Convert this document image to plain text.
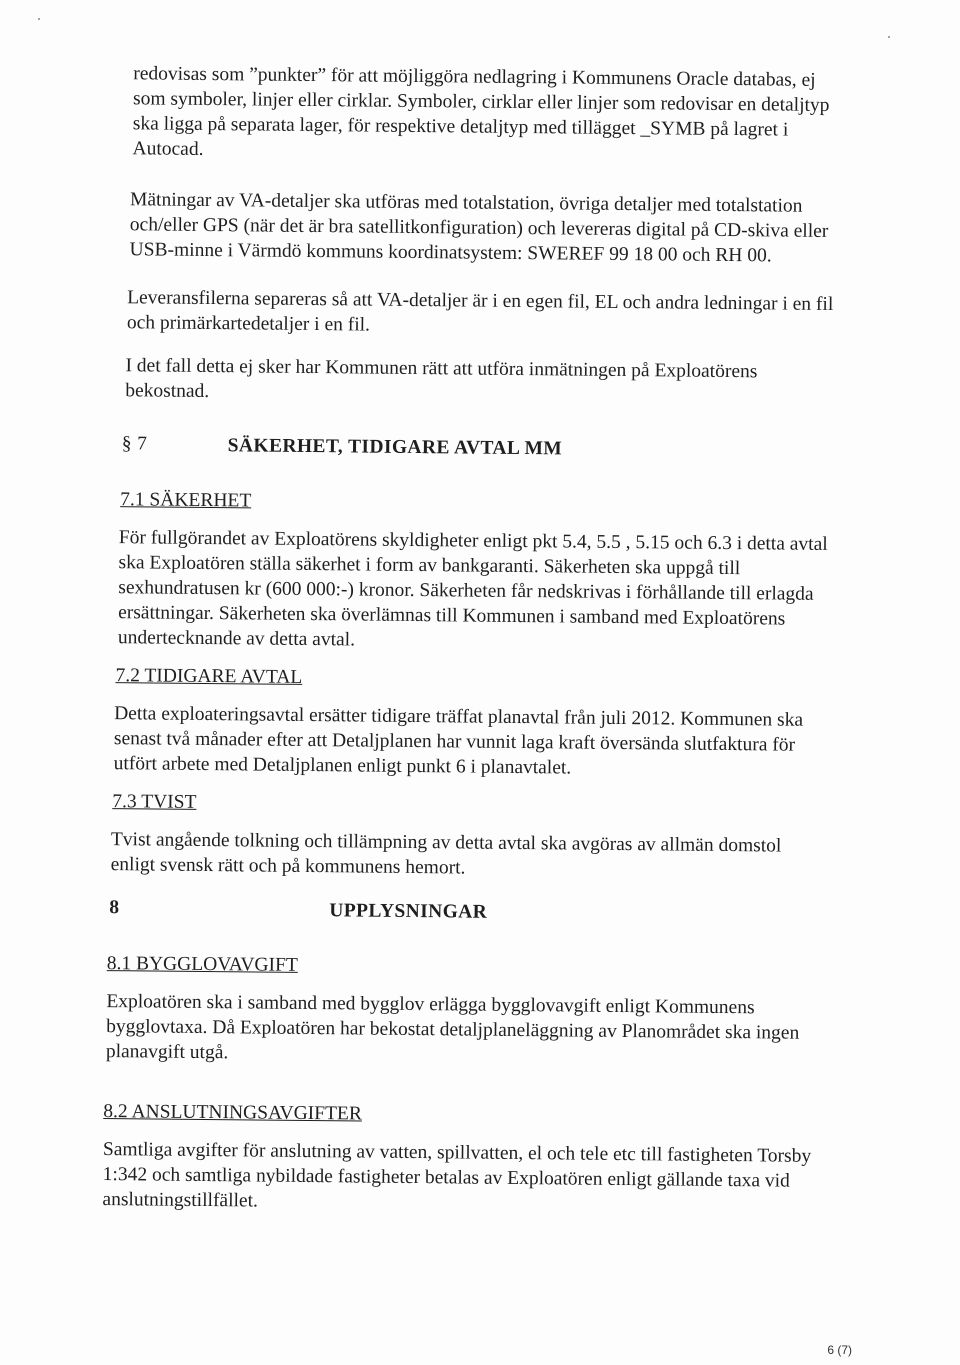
redovisas som ”punkter” för att möjliggöra nedlagring i Kommunens Oracle databas, ej
som symboler, linjer eller cirklar. Symboler, cirklar eller linjer som redovisar en detaljtyp
ska ligga på separata lager, för respektive detaljtyp med tillägget _SYMB på lagret i
Autocad.
Mätningar av VA-detaljer ska utföras med totalstation, övriga detaljer med totalstation
och/eller GPS (när det är bra satellitkonfiguration) och levereras digital på CD-skiva eller
USB-minne i Värmdö kommuns koordinatsystem: SWEREF 99 18 00 och RH 00.
Leveransfilerna separeras så att VA-detaljer är i en egen fil, EL och andra ledningar i en fil
och primärkartedetaljer i en fil.
I det fall detta ej sker har Kommunen rätt att utföra inmätningen på Exploatörens
bekostnad.

§ 7	SÄKERHET, TIDIGARE AVTAL MM

7.1 SÄKERHET

För fullgörandet av Exploatörens skyldigheter enligt pkt 5.4, 5.5 , 5.15 och 6.3 i detta avtal
ska Exploatören ställa säkerhet i form av bankgaranti. Säkerheten ska uppgå till
sexhundratusen kr (600 000:-) kronor. Säkerheten får nedskrivas i förhållande till erlagda
ersättningar. Säkerheten ska överlämnas till Kommunen i samband med Exploatörens
undertecknande av detta avtal.

7.2 TIDIGARE AVTAL

Detta exploateringsavtal ersätter tidigare träffat planavtal från juli 2012. Kommunen ska
senast två månader efter att Detaljplanen har vunnit laga kraft översända slutfaktura för
utfört arbete med Detaljplanen enligt punkt 6 i planavtalet.

7.3 TVIST

Tvist angående tolkning och tillämpning av detta avtal ska avgöras av allmän domstol
enligt svensk rätt och på kommunens hemort.

8	UPPLYSNINGAR

8.1 BYGGLOVAVGIFT

Exploatören ska i samband med bygglov erlägga bygglovavgift enligt Kommunens
bygglovtaxa. Då Exploatören har bekostat detaljplaneläggning av Planområdet ska ingen
planavgift utgå.

8.2 ANSLUTNINGSAVGIFTER

Samtliga avgifter för anslutning av vatten, spillvatten, el och tele etc till fastigheten Torsby
1:342 och samtliga nybildade fastigheter betalas av Exploatören enligt gällande taxa vid
anslutningstillfället.
6 (7)
